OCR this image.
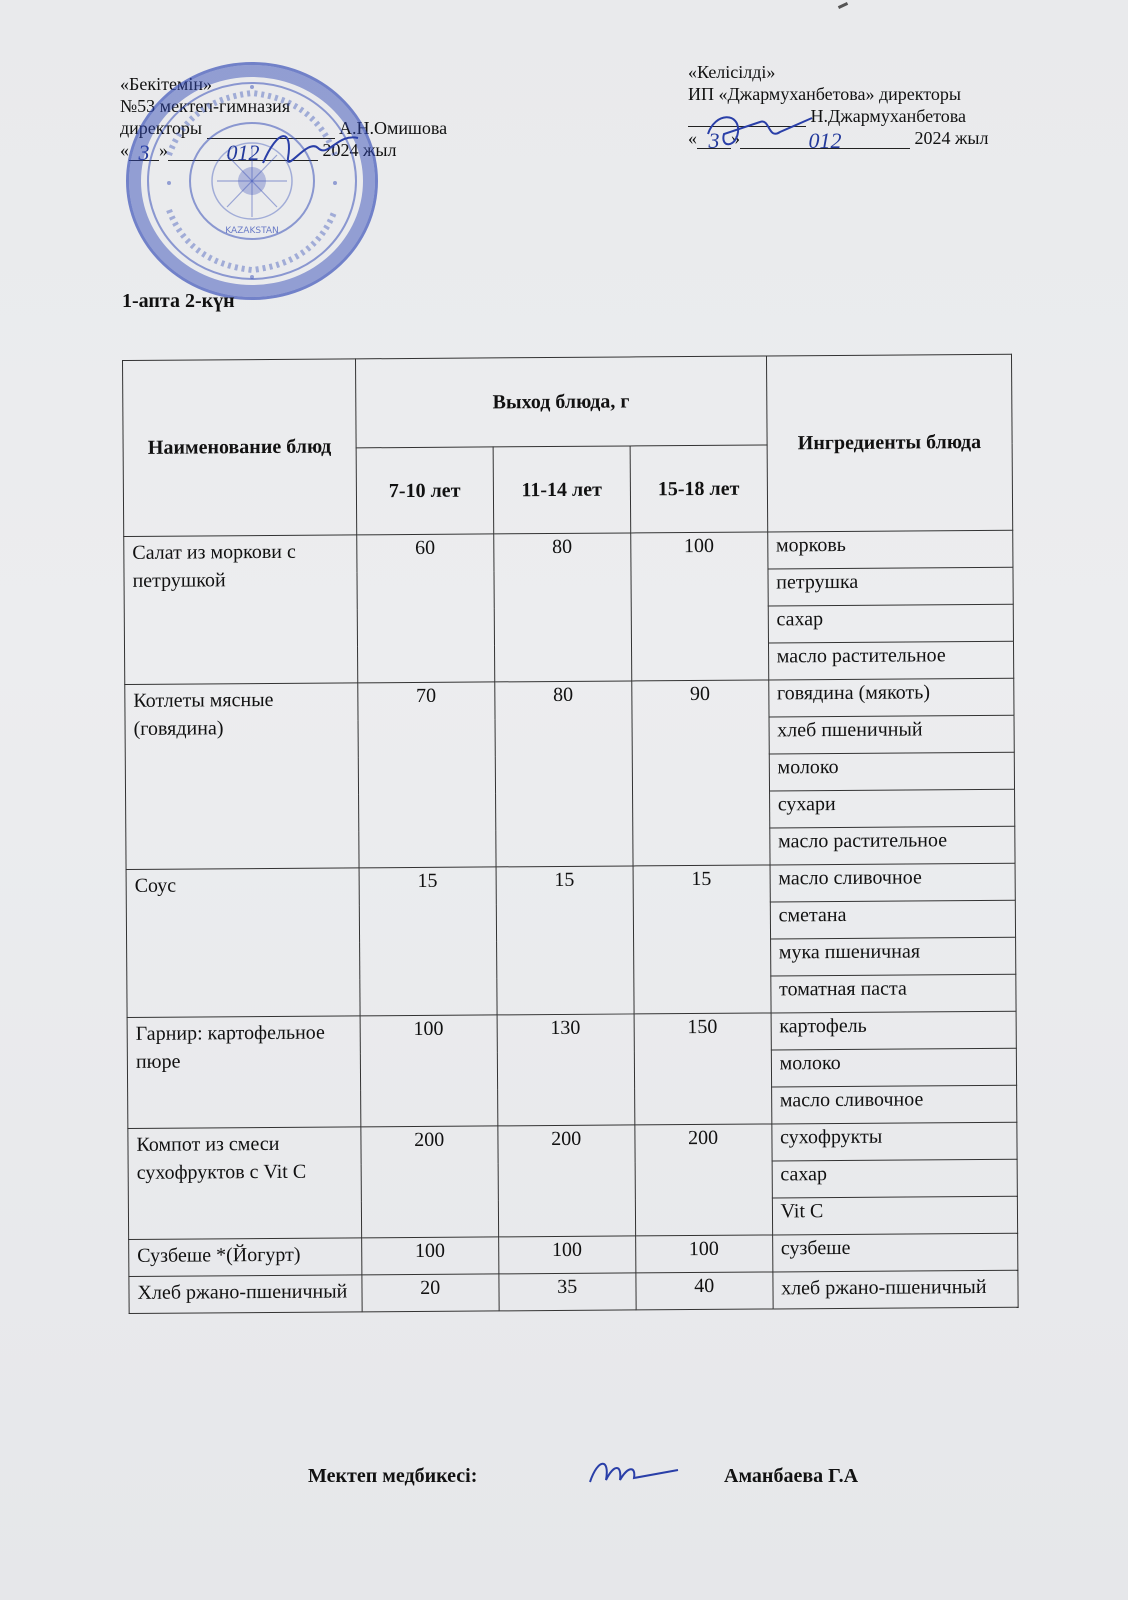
«Бекітемін»
№53 мектеп-гимназия
директоры	А.Н.Омишова
« 3 »	012	2024 жыл
KAZAKSTAN
«Келісілді»
ИП «Джармуханбетова» директоры
Н.Джармуханбетова
« 3 »	012	2024 жыл
1-апта 2-күн
Наименование блюд	Выход блюда, г			Ингредиенты блюда
	7-10 лет	11-14 лет	15-18 лет	
Салат из моркови с петрушкой	60	80	100	морковь
				петрушка
				сахар
				масло растительное
Котлеты мясные (говядина)	70	80	90	говядина (мякоть)
				хлеб пшеничный
				молоко
				сухари
				масло растительное
Соус	15	15	15	масло сливочное
				сметана
				мука пшеничная
				томатная паста
Гарнир: картофельное пюре	100	130	150	картофель
				молоко
				масло сливочное
Компот из смеси сухофруктов с Vit C	200	200	200	сухофрукты
				сахар
				Vit C
Сузбеше *(Йогурт)	100	100	100	сузбеше
Хлеб ржано-пшеничный	20	35	40	хлеб ржано-пшеничный
Мектеп медбикесі:	Аманбаева Г.А
